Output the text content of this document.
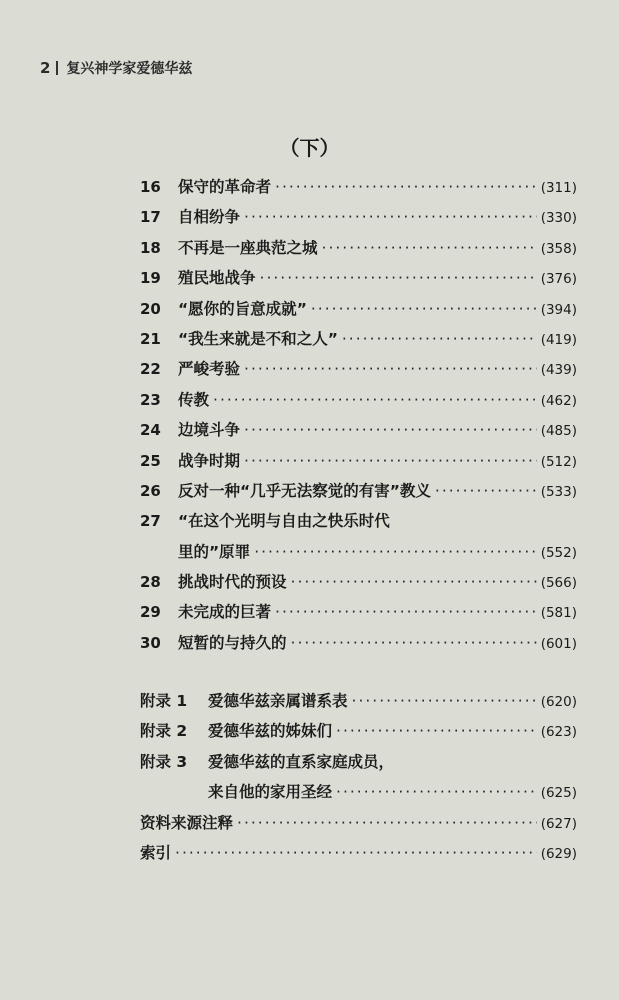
2 复兴神学家爱德华兹
（下）
16	保守的革命者 ·····	(311)
17	自相纷争 ·····	(330)
18	不再是一座典范之城 ·····	(358)
19	殖民地战争 ·····	(376)
20	“愿你的旨意成就” ·····	(394)
21	“我生来就是不和之人” ·····	(419)
22	严峻考验 ·····	(439)
23	传教 ·····	(462)
24	边境斗争 ·····	(485)
25	战争时期 ·····	(512)
26	反对一种“几乎无法察觉的有害”教义 ·····	(533)
27	“在这个光明与自由之快乐时代
里的”原罪 ·····	(552)
28	挑战时代的预设 ·····	(566)
29	未完成的巨著 ·····	(581)
30	短暂的与持久的 ·····	(601)
附录 1	爱德华兹亲属谱系表 ·····	(620)
附录 2	爱德华兹的姊妹们 ·····	(623)
附录 3	爱德华兹的直系家庭成员，
来自他的家用圣经 ·····	(625)
资料来源注释 ·····	(627)
索引 ·····	(629)
